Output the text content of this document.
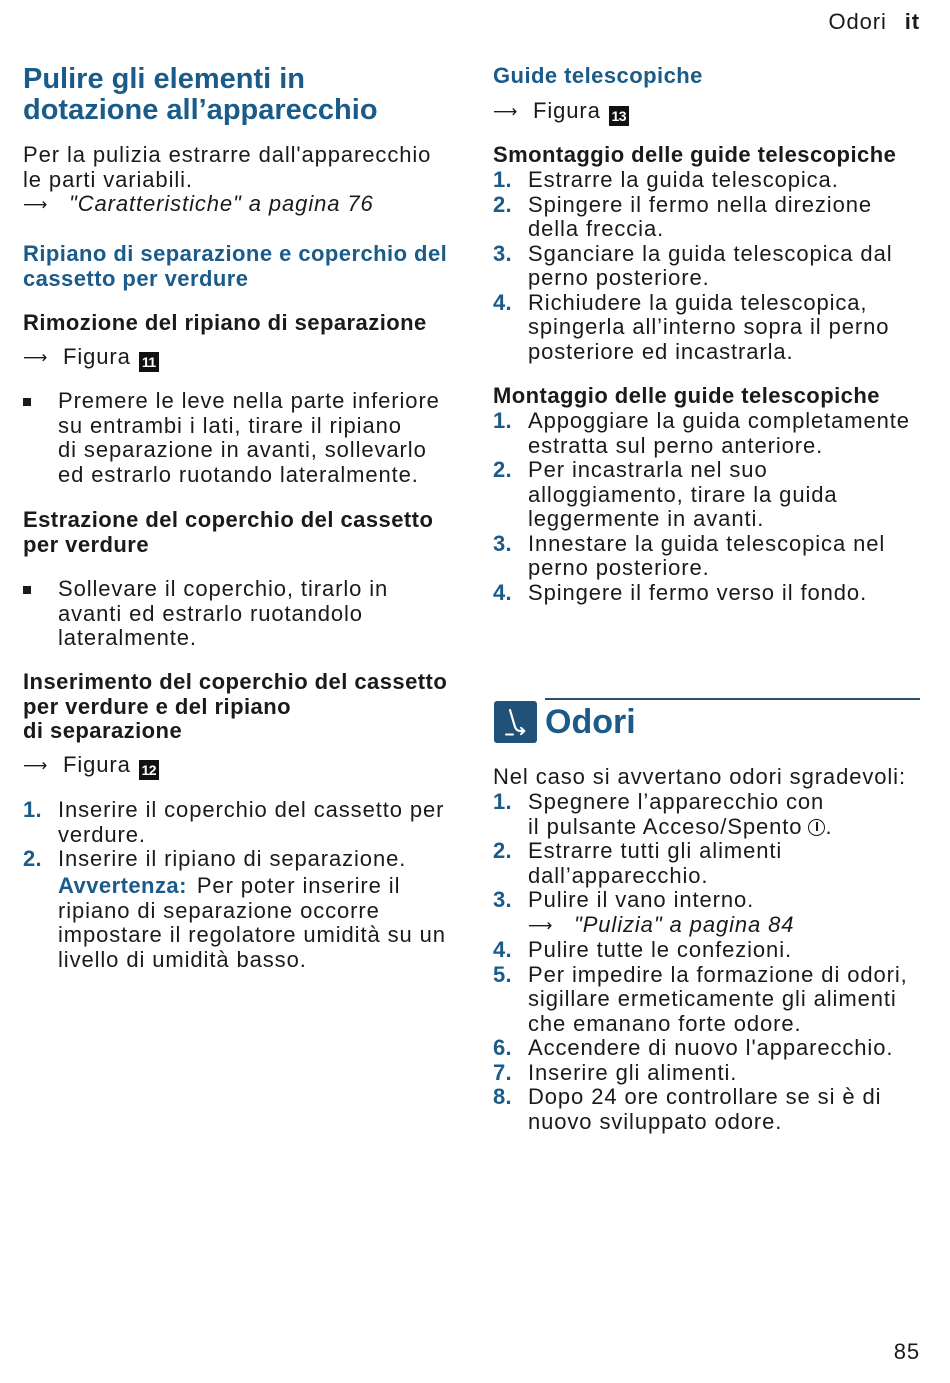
Odori it
Pulire gli elementi in
dotazione all’apparecchio
Per la pulizia estrarre dall'apparecchio
le parti variabili.
⟶ "Caratteristiche" a pagina 76
Ripiano di separazione e coperchio del
cassetto per verdure
Rimozione del ripiano di separazione
⟶ Figura 11
Premere le leve nella parte inferiore
su entrambi i lati, tirare il ripiano
di separazione in avanti, sollevarlo
ed estrarlo ruotando lateralmente.
Estrazione del coperchio del cassetto
per verdure
Sollevare il coperchio, tirarlo in
avanti ed estrarlo ruotandolo
lateralmente.
Inserimento del coperchio del cassetto
per verdure e del ripiano
di separazione
⟶ Figura 12
1. Inserire il coperchio del cassetto per
verdure.
2. Inserire il ripiano di separazione.
Avvertenza: Per poter inserire il
ripiano di separazione occorre
impostare il regolatore umidità su un
livello di umidità basso.
Guide telescopiche
⟶ Figura 13
Smontaggio delle guide telescopiche
1. Estrarre la guida telescopica.
2. Spingere il fermo nella direzione
della freccia.
3. Sganciare la guida telescopica dal
perno posteriore.
4. Richiudere la guida telescopica,
spingerla all’interno sopra il perno
posteriore ed incastrarla.
Montaggio delle guide telescopiche
1. Appoggiare la guida completamente
estratta sul perno anteriore.
2. Per incastrarla nel suo
alloggiamento, tirare la guida
leggermente in avanti.
3. Innestare la guida telescopica nel
perno posteriore.
4. Spingere il fermo verso il fondo.
Odori
Nel caso si avvertano odori sgradevoli:
1. Spegnere l’apparecchio con
il pulsante Acceso/Spento .
2. Estrarre tutti gli alimenti
dall’apparecchio.
3. Pulire il vano interno.
⟶ "Pulizia" a pagina 84
4. Pulire tutte le confezioni.
5. Per impedire la formazione di odori,
sigillare ermeticamente gli alimenti
che emanano forte odore.
6. Accendere di nuovo l'apparecchio.
7. Inserire gli alimenti.
8. Dopo 24 ore controllare se si è di
nuovo sviluppato odore.
85
